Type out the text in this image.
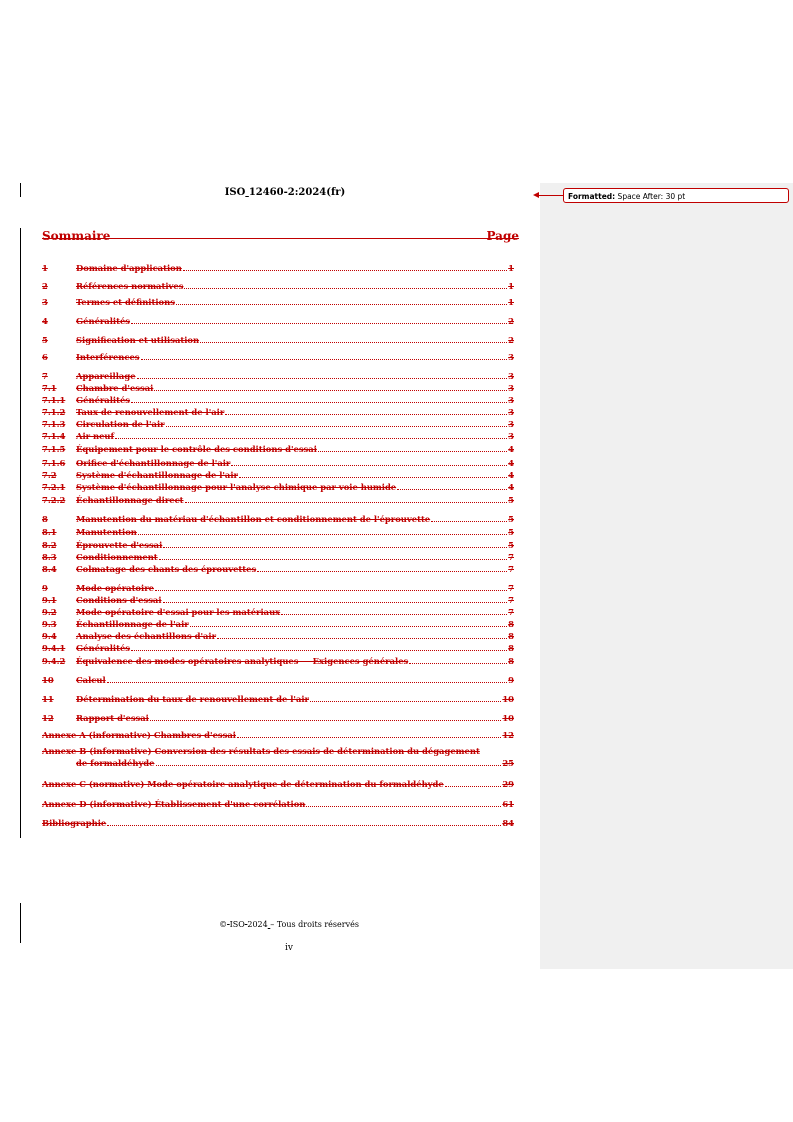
ISO 12460-2:2024(fr)	Formatted: Space After: 30 pt
Sommaire	Page
1	Domaine d'application	1
2	Références normatives	1
3	Termes et définitions	1
4	Généralités	2
5	Signification et utilisation	2
6	Interférences	3
7	Appareillage	3
7.1	Chambre d'essai	3
7.1.1	Généralités	3
7.1.2	Taux de renouvellement de l'air	3
7.1.3	Circulation de l'air	3
7.1.4	Air neuf	3
7.1.5	Équipement pour le contrôle des conditions d'essai	4
7.1.6	Orifice d'échantillonnage de l'air	4
7.2	Système d'échantillonnage de l'air	4
7.2.1	Système d'échantillonnage pour l'analyse chimique par voie humide	4
7.2.2	Échantillonnage direct	5
8	Manutention du matériau d'échantillon et conditionnement de l'éprouvette	5
8.1	Manutention	5
8.2	Éprouvette d'essai	5
8.3	Conditionnement	7
8.4	Colmatage des chants des éprouvettes	7
9	Mode opératoire	7
9.1	Conditions d'essai	7
9.2	Mode opératoire d'essai pour les matériaux	7
9.3	Échantillonnage de l'air	8
9.4	Analyse des échantillons d'air	8
9.4.1	Généralités	8
9.4.2	Équivalence des modes opératoires analytiques — Exigences générales	8
10	Calcul	9
11	Détermination du taux de renouvellement de l'air	10
12	Rapport d'essai	10
Annexe A (informative) Chambres d'essai	12
Annexe B (informative) Conversion des résultats des essais de détermination du dégagement
de formaldéhyde	25
Annexe C (normative) Mode opératoire analytique de détermination du formaldéhyde	29
Annexe D (informative) Établissement d'une corrélation	61
Bibliographie	84
© ISO 2024 – Tous droits réservés
iv
